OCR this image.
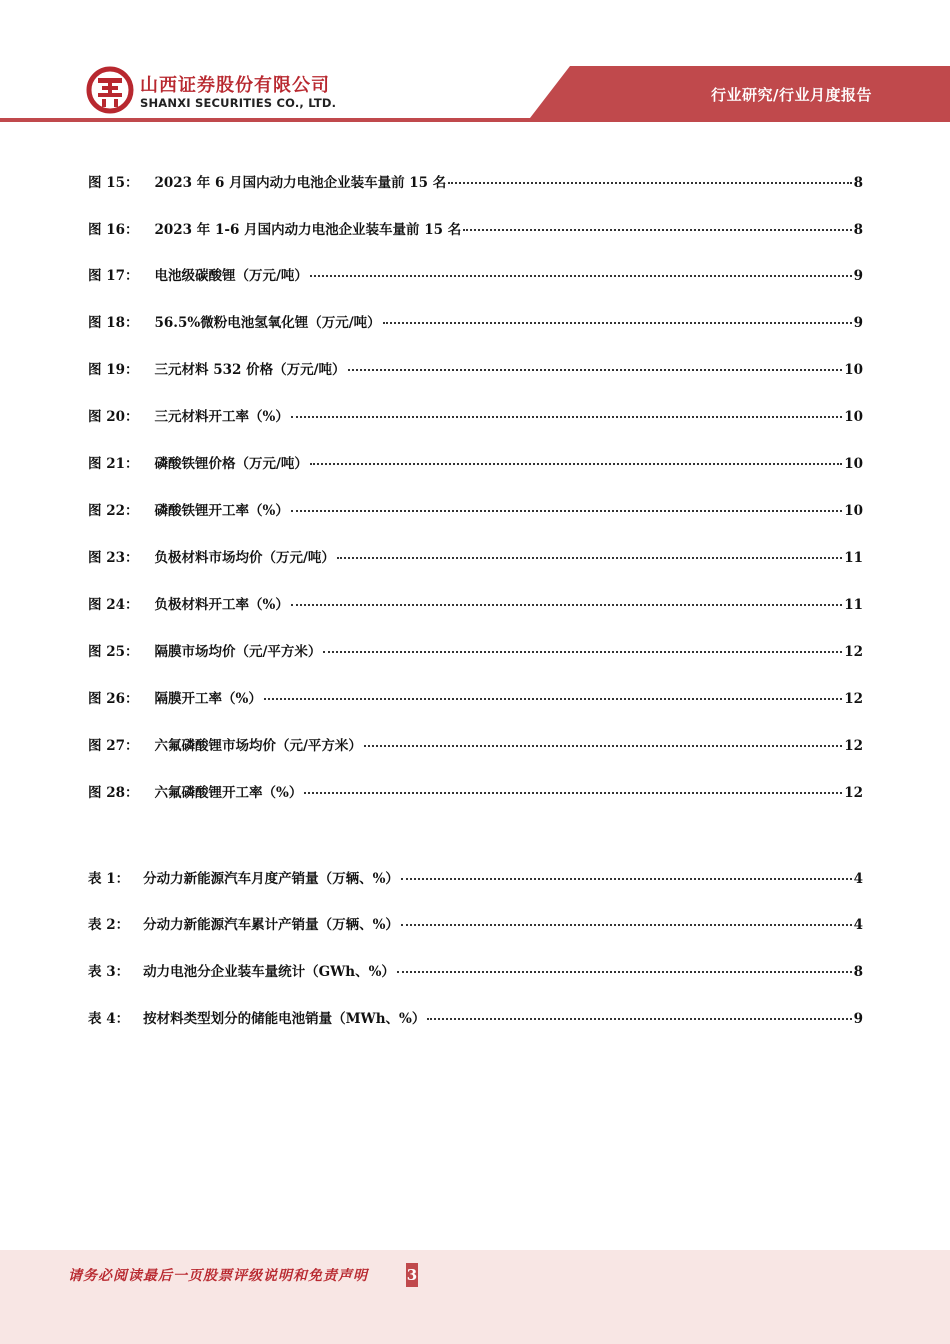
山西证券股份有限公司
SHANXI SECURITIES CO., LTD.	行业研究/行业月度报告
图 15： 2023 年 6 月国内动力电池企业装车量前 15 名	8
图 16： 2023 年 1-6 月国内动力电池企业装车量前 15 名	8
图 17： 电池级碳酸锂（万元/吨）	9
图 18： 56.5%微粉电池氢氧化锂（万元/吨）	9
图 19： 三元材料 532 价格（万元/吨）	10
图 20： 三元材料开工率（%）	10
图 21： 磷酸铁锂价格（万元/吨）	10
图 22： 磷酸铁锂开工率（%）	10
图 23： 负极材料市场均价（万元/吨）	11
图 24： 负极材料开工率（%）	11
图 25： 隔膜市场均价（元/平方米）	12
图 26： 隔膜开工率（%）	12
图 27： 六氟磷酸锂市场均价（元/平方米）	12
图 28： 六氟磷酸锂开工率（%）	12
表 1： 分动力新能源汽车月度产销量（万辆、%）	4
表 2： 分动力新能源汽车累计产销量（万辆、%）	4
表 3： 动力电池分企业装车量统计（GWh、%）	8
表 4： 按材料类型划分的储能电池销量（MWh、%）	9
请务必阅读最后一页股票评级说明和免责声明	3
